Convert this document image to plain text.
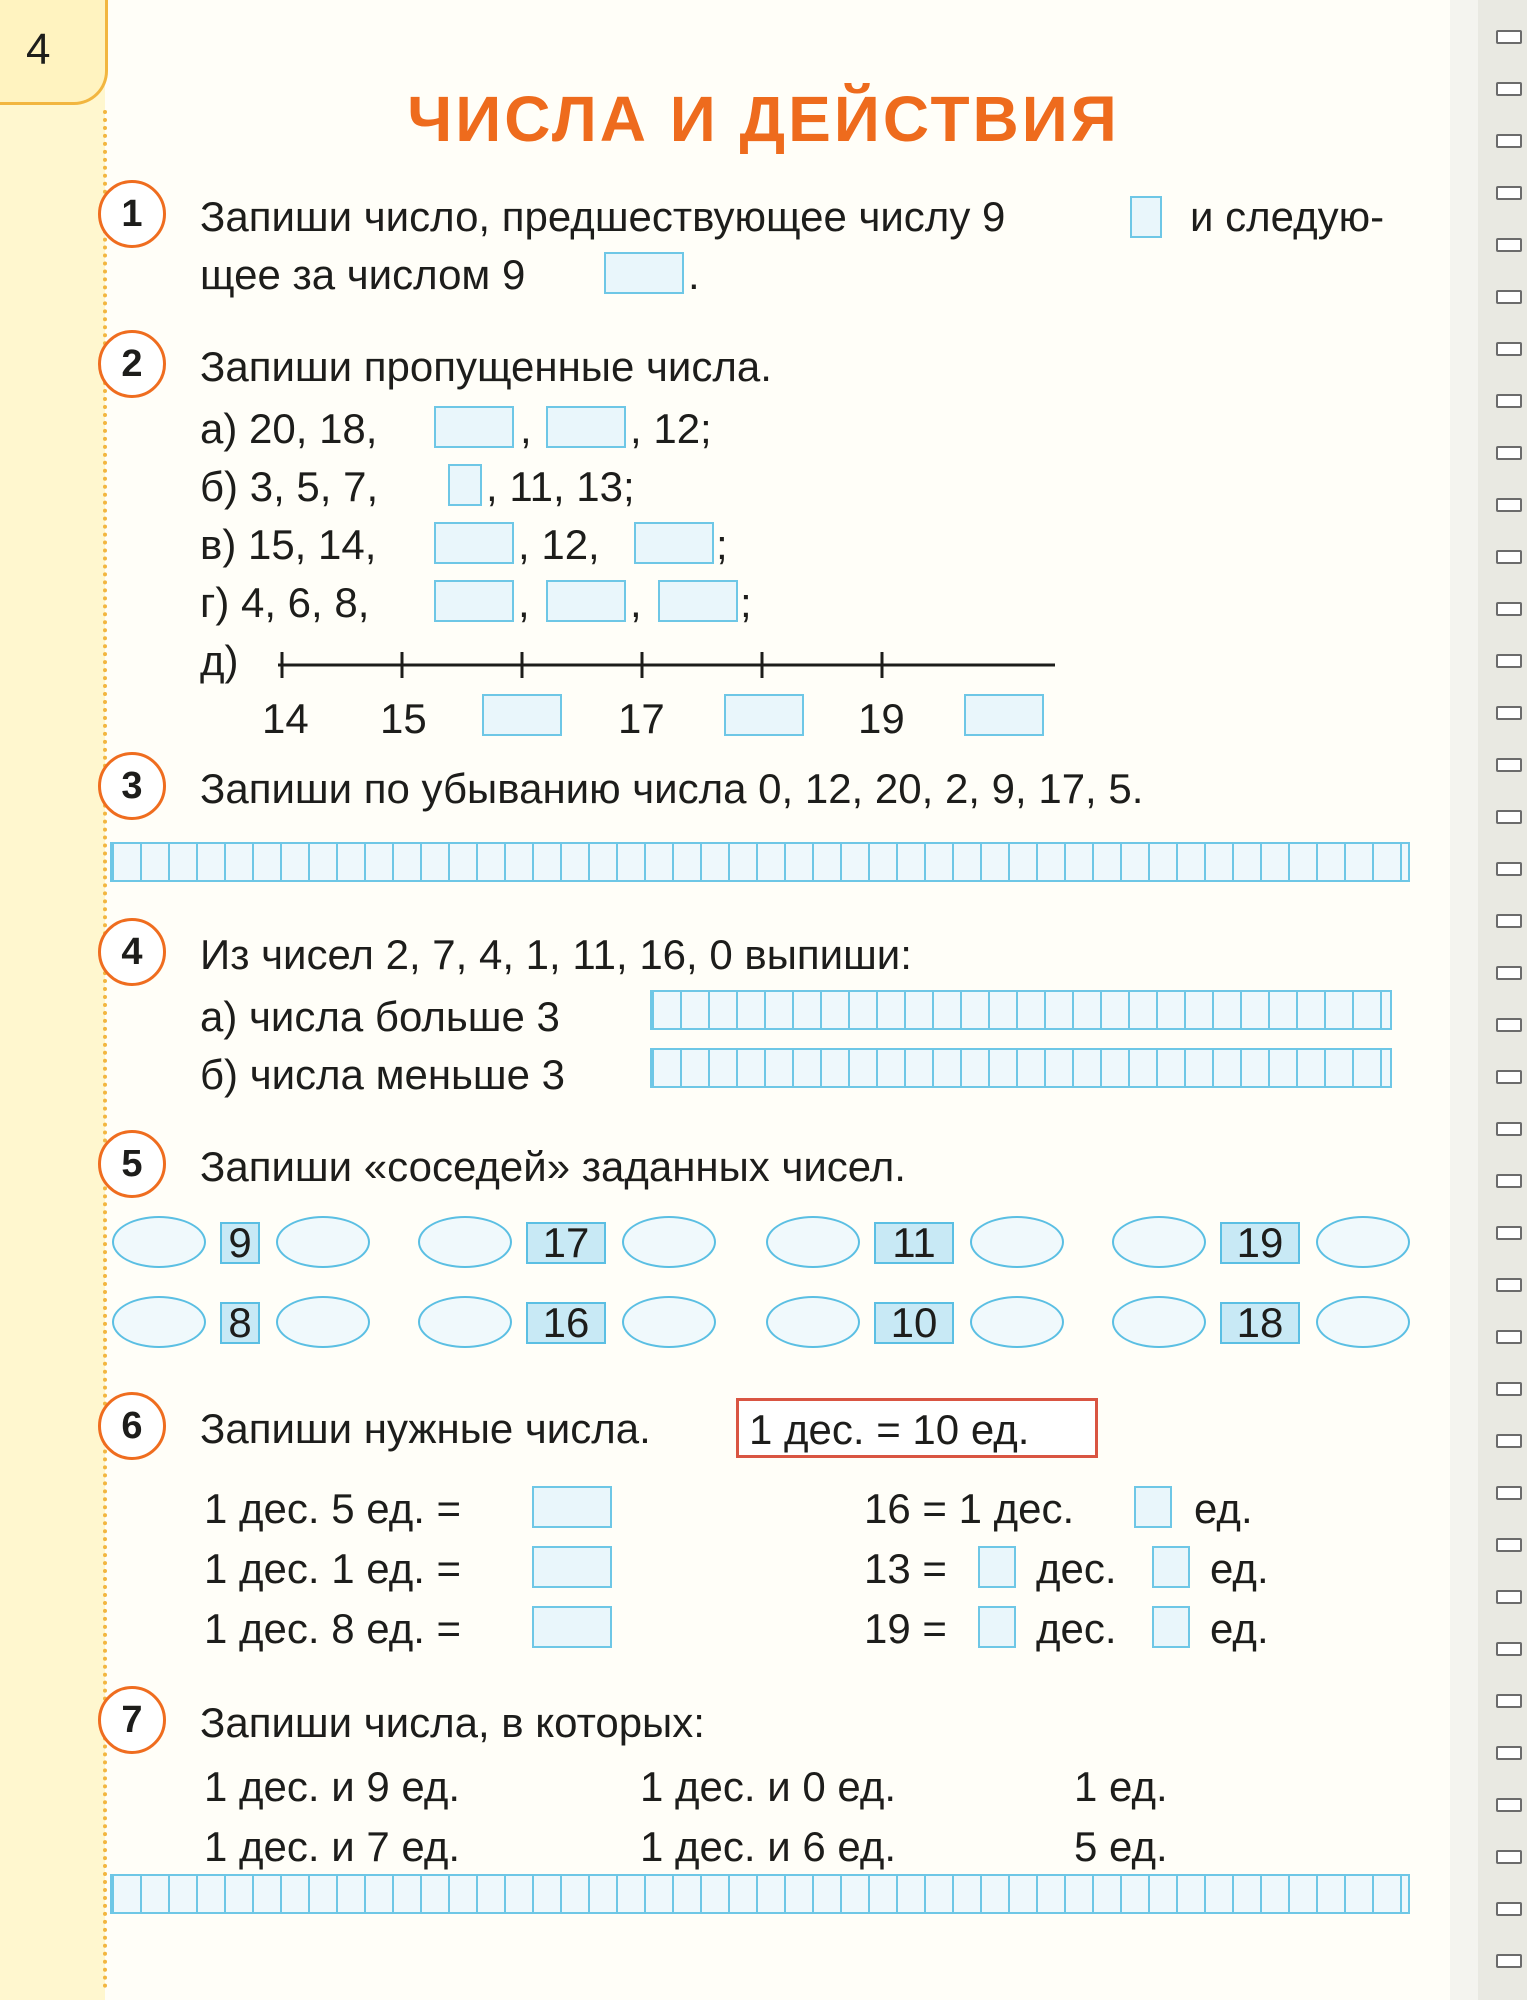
4
ЧИСЛА И ДЕЙСТВИЯ
1	Запиши число, предшествующее числу 9	и следую-
щее за числом 9	.
2	Запиши пропущенные числа.
а) 20, 18,	, , 12;
б) 3, 5, 7,	, 11, 13;
в) 15, 14,	, 12,	;
г) 4, 6, 8,	, , ;
д)
14 15	17	19
3	Запиши по убыванию числа 0, 12, 20, 2, 9, 17, 5.
4	Из чисел 2, 7, 4, 1, 11, 16, 0 выпиши:
а) числа больше 3
б) числа меньше 3
5	Запиши «соседей» заданных чисел.
9	17	11	19
8	16	10	18
6	Запиши нужные числа. 1 дес. = 10 ед.
1 дес. 5 ед. =
1 дес. 1 ед. =
1 дес. 8 ед. =
16 = 1 дес.	ед.
13 = дес. ед.
19 = дес. ед.
7	Запиши числа, в которых:
1 дес. и 9 ед.	1 дес. и 0 ед.	1 ед.
1 дес. и 7 ед.	1 дес. и 6 ед.	5 ед.
